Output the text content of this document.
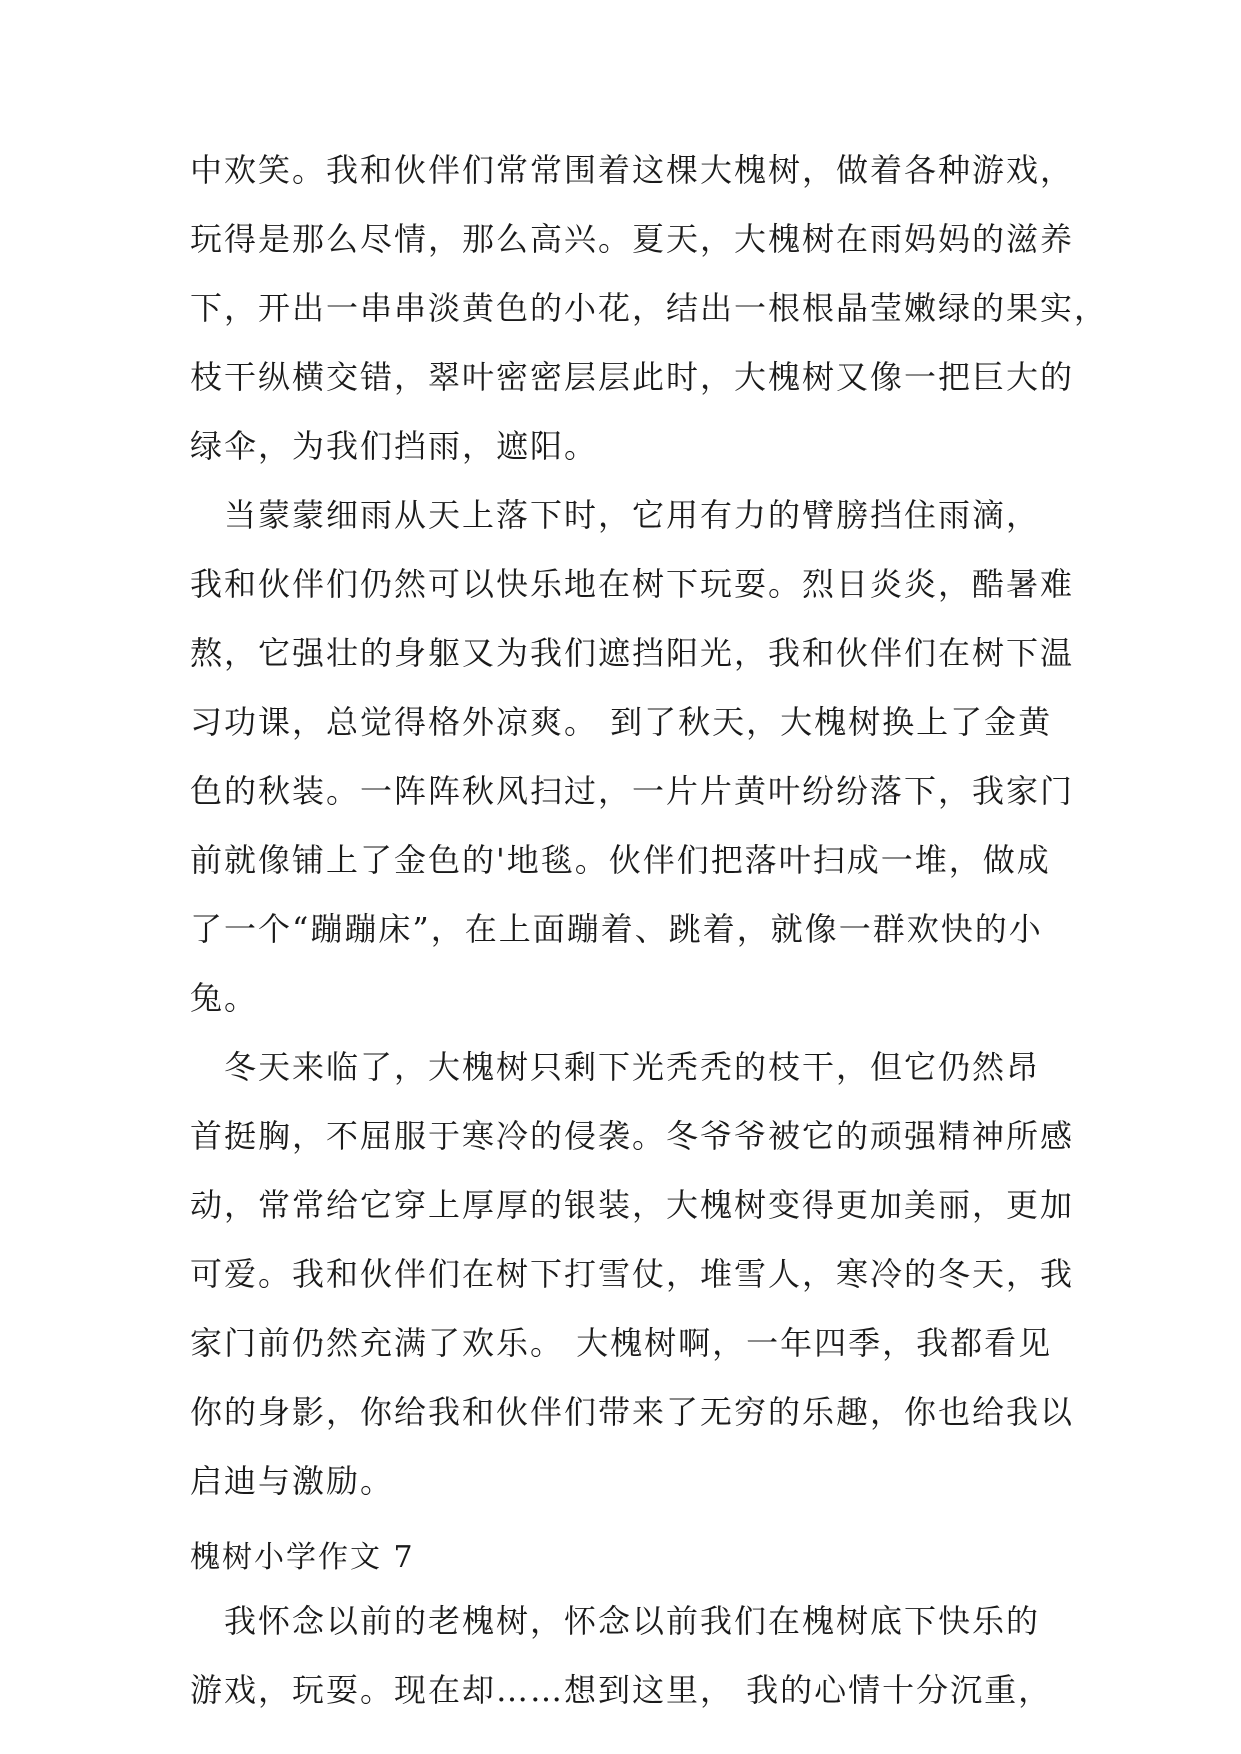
中欢笑。我和伙伴们常常围着这棵大槐树，做着各种游戏，

玩得是那么尽情，那么高兴。夏天，大槐树在雨妈妈的滋养

下，开出一串串淡黄色的小花，结出一根根晶莹嫩绿的果实，

枝干纵横交错，翠叶密密层层此时，大槐树又像一把巨大的

绿伞，为我们挡雨，遮阳。

　当蒙蒙细雨从天上落下时，它用有力的臂膀挡住雨滴，

我和伙伴们仍然可以快乐地在树下玩耍。烈日炎炎，酷暑难

熬，它强壮的身躯又为我们遮挡阳光，我和伙伴们在树下温

习功课，总觉得格外凉爽。 到了秋天，大槐树换上了金黄

色的秋装。一阵阵秋风扫过，一片片黄叶纷纷落下，我家门

前就像铺上了金色的'地毯。伙伴们把落叶扫成一堆，做成

了一个“蹦蹦床”，在上面蹦着、跳着，就像一群欢快的小

兔。

　冬天来临了，大槐树只剩下光秃秃的枝干，但它仍然昂

首挺胸，不屈服于寒冷的侵袭。冬爷爷被它的顽强精神所感

动，常常给它穿上厚厚的银装，大槐树变得更加美丽，更加

可爱。我和伙伴们在树下打雪仗，堆雪人，寒冷的冬天，我

家门前仍然充满了欢乐。 大槐树啊，一年四季，我都看见

你的身影，你给我和伙伴们带来了无穷的乐趣，你也给我以

启迪与激励。

槐树小学作文 7

　我怀念以前的老槐树，怀念以前我们在槐树底下快乐的

游戏，玩耍。现在却……想到这里， 我的心情十分沉重，
